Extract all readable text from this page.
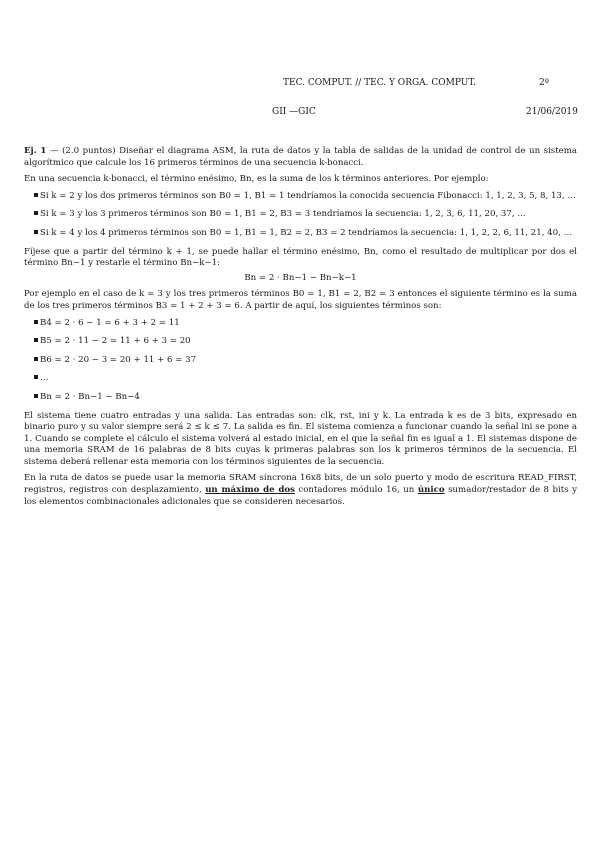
TEC. COMPUT. // TEC. Y ORGA. COMPUT.	2º
GII —GIC	21/06/2019

Ej. 1 — (2.0 puntos) Diseñar el diagrama ASM, la ruta de datos y la tabla de salidas de la unidad de control de un sistema algorítmico que calcule los 16 primeros términos de una secuencia k-bonacci.

En una secuencia k-bonacci, el término enésimo, Bn, es la suma de los k términos anteriores. Por ejemplo:

Si k = 2 y los dos primeros términos son B0 = 1, B1 = 1 tendríamos la conocida secuencia Fibonacci: 1, 1, 2, 3, 5, 8, 13, …
Si k = 3 y los 3 primeros términos son B0 = 1, B1 = 2, B3 = 3 tendríamos la secuencia: 1, 2, 3, 6, 11, 20, 37, …
Si k = 4 y los 4 primeros términos son B0 = 1, B1 = 1, B2 = 2, B3 = 2 tendríamos la secuencia: 1, 1, 2, 2, 6, 11, 21, 40, …

Fíjese que a partir del término k + 1, se puede hallar el término enésimo, Bn, como el resultado de multiplicar por dos el término Bn−1 y restarle el término Bn−k−1:

Bn = 2 · Bn−1 − Bn−k−1

Por ejemplo en el caso de k = 3 y los tres primeros términos B0 = 1, B1 = 2, B2 = 3 entonces el siguiente término es la suma de los tres primeros términos B3 = 1 + 2 + 3 = 6. A partir de aquí, los siguientes términos son:

B4 = 2 · 6 − 1 = 6 + 3 + 2 = 11
B5 = 2 · 11 − 2 = 11 + 6 + 3 = 20
B6 = 2 · 20 − 3 = 20 + 11 + 6 = 37
…
Bn = 2 · Bn−1 − Bn−4

El sistema tiene cuatro entradas y una salida. Las entradas son: clk, rst, ini y k. La entrada k es de 3 bits, expresado en binario puro y su valor siempre será 2 ≤ k ≤ 7. La salida es fin. El sistema comienza a funcionar cuando la señal ini se pone a 1. Cuando se complete el cálculo el sistema volverá al estado inicial, en el que la señal fin es igual a 1. El sistemas dispone de una memoria SRAM de 16 palabras de 8 bits cuyas k primeras palabras son los k primeros términos de la secuencia. El sistema deberá rellenar esta memoria con los términos siguientes de la secuencia.

En la ruta de datos se puede usar la memoria SRAM síncrona 16x8 bits, de un solo puerto y modo de escritura READ_FIRST, registros, registros con desplazamiento, un máximo de dos contadores módulo 16, un único sumador/restador de 8 bits y los elementos combinacionales adicionales que se consideren necesarios.
